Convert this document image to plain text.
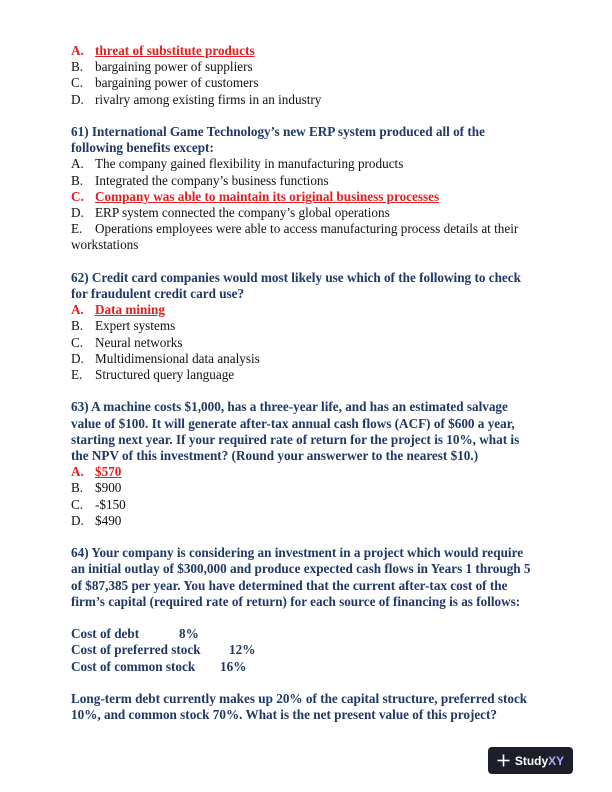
A. threat of substitute products
B. bargaining power of suppliers
C. bargaining power of customers
D. rivalry among existing firms in an industry
61) International Game Technology’s new ERP system produced all of the
following benefits except:
A. The company gained flexibility in manufacturing products
B. Integrated the company’s business functions
C. Company was able to maintain its original business processes
D. ERP system connected the company’s global operations
E. Operations employees were able to access manufacturing process details at their workstations
62) Credit card companies would most likely use which of the following to check
for fraudulent credit card use?
A. Data mining
B. Expert systems
C. Neural networks
D. Multidimensional data analysis
E. Structured query language
63) A machine costs $1,000, has a three-year life, and has an estimated salvage
value of $100. It will generate after-tax annual cash flows (ACF) of $600 a year,
starting next year. If your required rate of return for the project is 10%, what is
the NPV of this investment? (Round your answerwer to the nearest $10.)
A. $570
B. $900
C. -$150
D. $490
64) Your company is considering an investment in a project which would require
an initial outlay of $300,000 and produce expected cash flows in Years 1 through 5
of $87,385 per year. You have determined that the current after-tax cost of the
firm’s capital (required rate of return) for each source of financing is as follows:
Cost of debt	8%
Cost of preferred stock 12%
Cost of common stock 16%
Long-term debt currently makes up 20% of the capital structure, preferred stock
10%, and common stock 70%. What is the net present value of this project?
StudyXY
